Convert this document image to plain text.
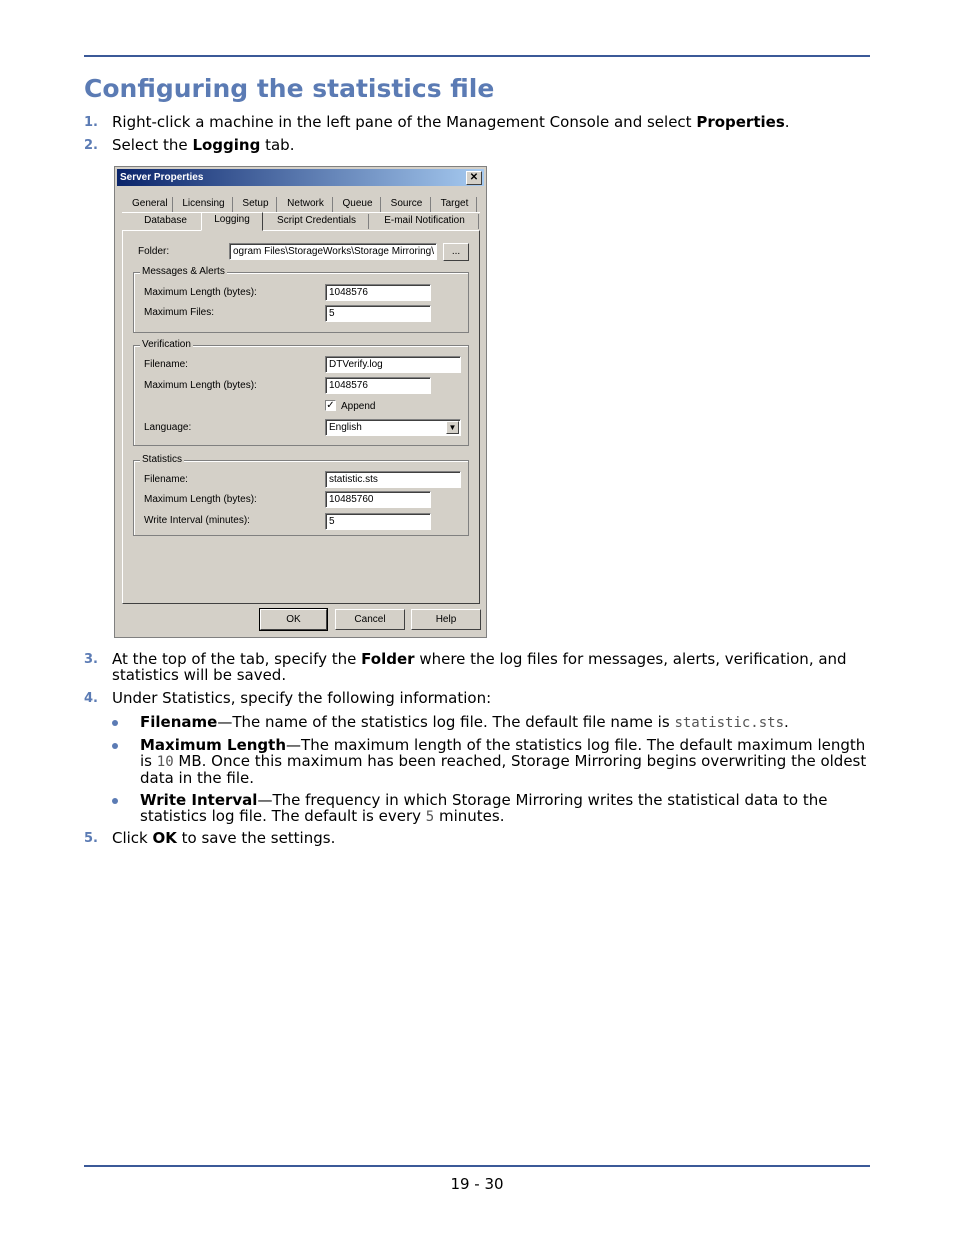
Configuring the statistics file
1. Right-click a machine in the left pane of the Management Console and select Properties.
2. Select the Logging tab.
Server Properties	✕
General	Licensing	Setup	Network	Queue	Source	Target
Database	Logging	Script Credentials	E-mail Notification
Folder:	ogram Files\StorageWorks\Storage Mirroring\	...
Messages & Alerts
Maximum Length (bytes):	1048576
Maximum Files:	5
Verification
Filename:	DTVerify.log
Maximum Length (bytes):	1048576
✓ Append
Language:	English	▼
Statistics
Filename:	statistic.sts
Maximum Length (bytes):	10485760
Write Interval (minutes):	5
OK	Cancel	Help
3. At the top of the tab, specify the Folder where the log files for messages, alerts, verification, and statistics will be saved.
4. Under Statistics, specify the following information:
Filename—The name of the statistics log file. The default file name is statistic.sts.
Maximum Length—The maximum length of the statistics log file. The default maximum length is 10 MB. Once this maximum has been reached, Storage Mirroring begins overwriting the oldest data in the file.
Write Interval—The frequency in which Storage Mirroring writes the statistical data to the statistics log file. The default is every 5 minutes.
5. Click OK to save the settings.
19 - 30
